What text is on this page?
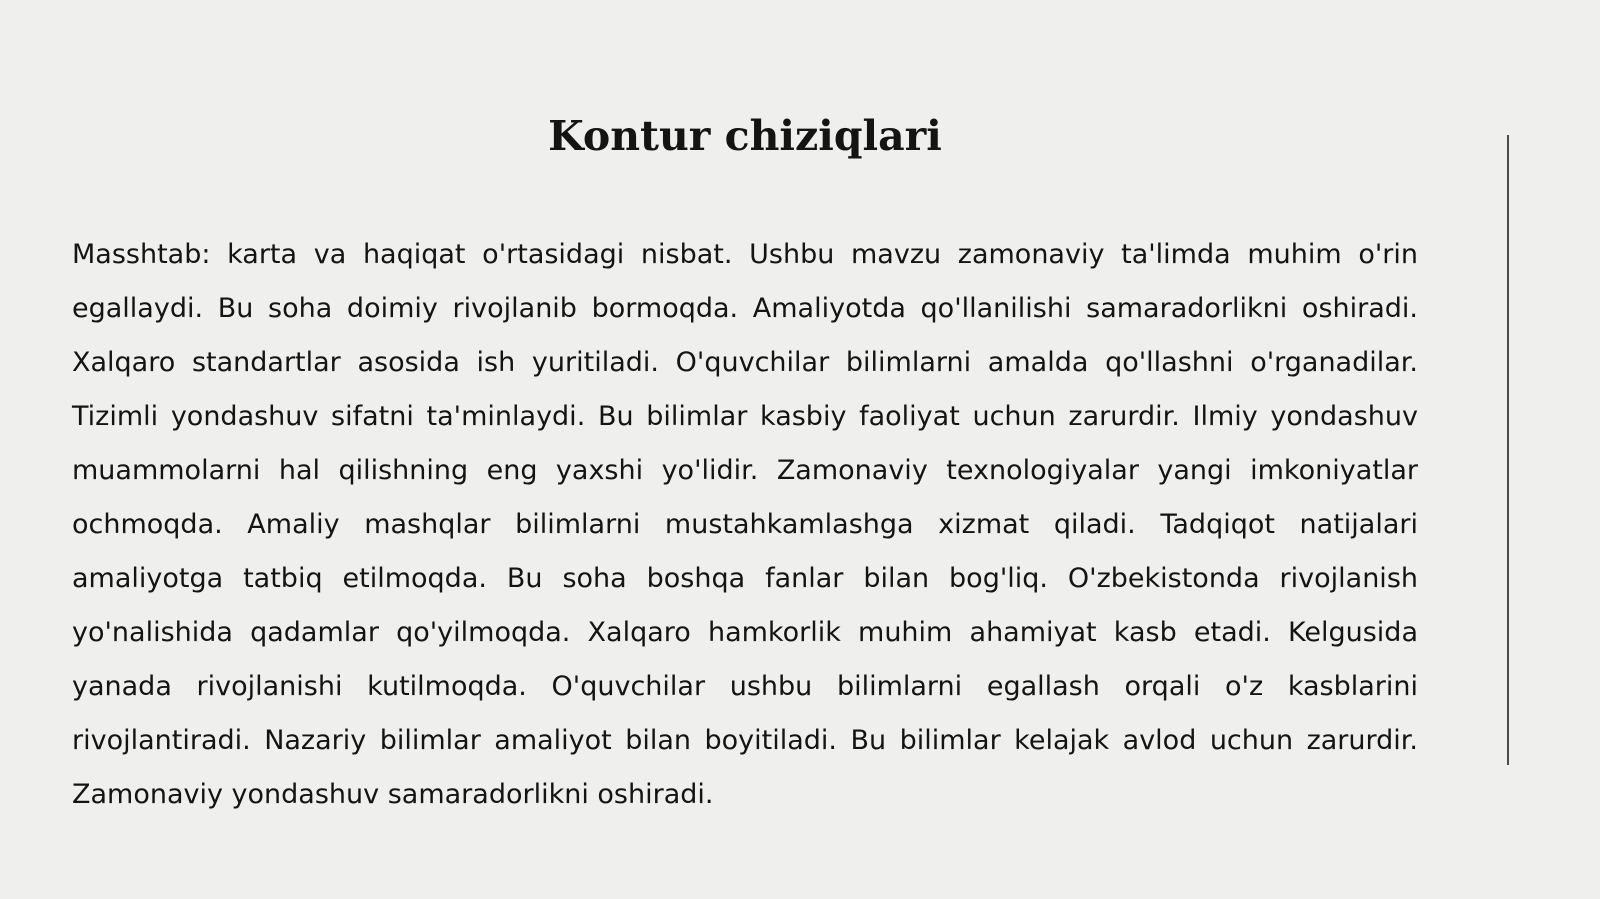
Kontur chiziqlari

Masshtab: karta va haqiqat o'rtasidagi nisbat. Ushbu mavzu zamonaviy ta'limda muhim o'rin egallaydi. Bu soha doimiy rivojlanib bormoqda. Amaliyotda qo'llanilishi samaradorlikni oshiradi. Xalqaro standartlar asosida ish yuritiladi. O'quvchilar bilimlarni amalda qo'llashni o'rganadilar. Tizimli yondashuv sifatni ta'minlaydi. Bu bilimlar kasbiy faoliyat uchun zarurdir. Ilmiy yondashuv muammolarni hal qilishning eng yaxshi yo'lidir. Zamonaviy texnologiyalar yangi imkoniyatlar ochmoqda. Amaliy mashqlar bilimlarni mustahkamlashga xizmat qiladi. Tadqiqot natijalari amaliyotga tatbiq etilmoqda. Bu soha boshqa fanlar bilan bog'liq. O'zbekistonda rivojlanish yo'nalishida qadamlar qo'yilmoqda. Xalqaro hamkorlik muhim ahamiyat kasb etadi. Kelgusida yanada rivojlanishi kutilmoqda. O'quvchilar ushbu bilimlarni egallash orqali o'z kasblarini rivojlantiradi. Nazariy bilimlar amaliyot bilan boyitiladi. Bu bilimlar kelajak avlod uchun zarurdir. Zamonaviy yondashuv samaradorlikni oshiradi.
